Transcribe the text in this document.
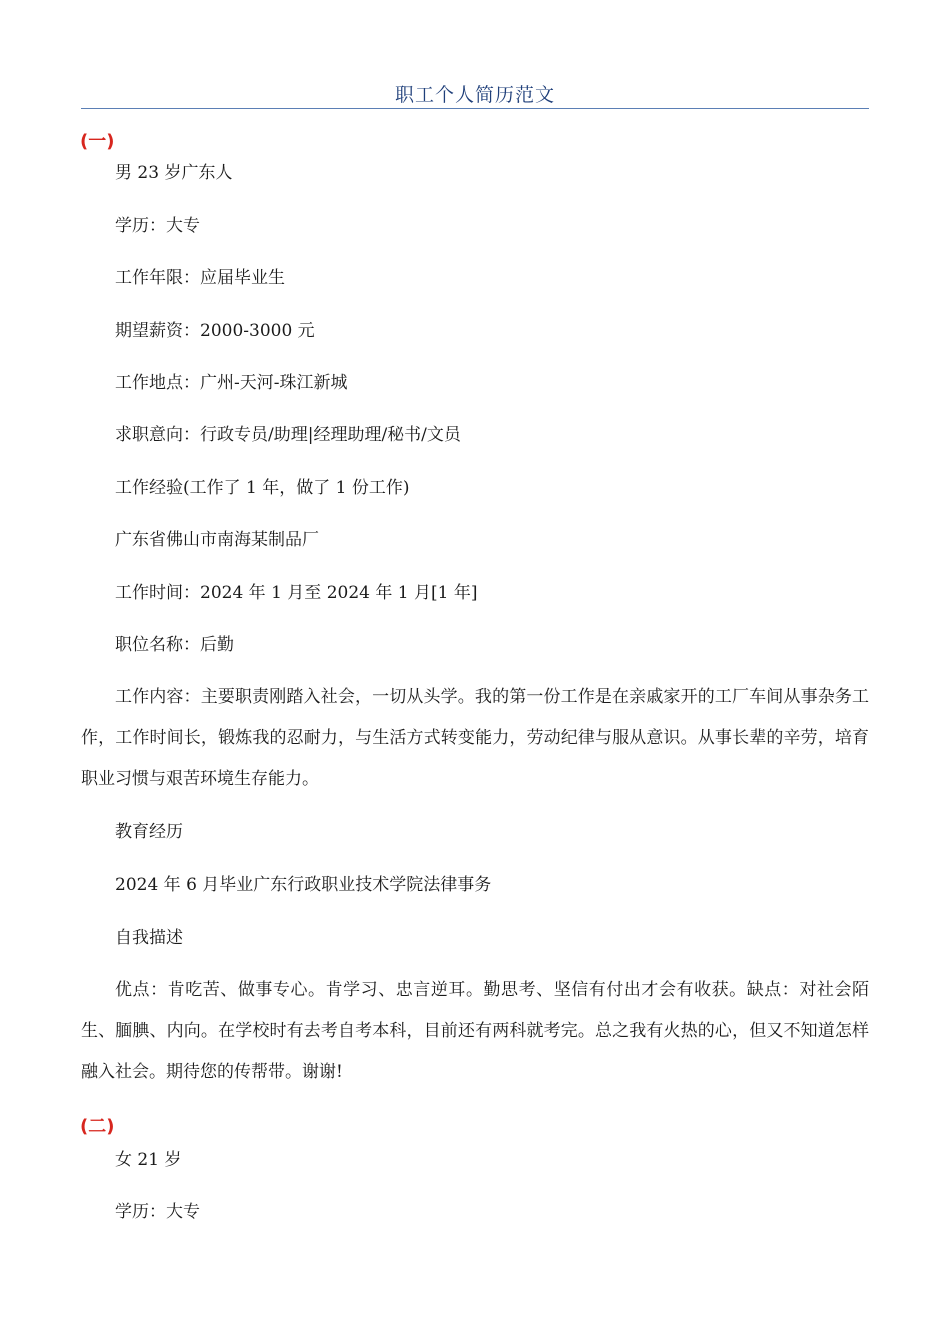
职工个人简历范文
(一)
男 23 岁广东人
学历：大专
工作年限：应届毕业生
期望薪资：2000-3000 元
工作地点：广州-天河-珠江新城
求职意向：行政专员/助理|经理助理/秘书/文员
工作经验(工作了 1 年，做了 1 份工作)
广东省佛山市南海某制品厂
工作时间：2024 年 1 月至 2024 年 1 月[1 年]
职位名称：后勤
工作内容：主要职责刚踏入社会，一切从头学。我的第一份工作是在亲戚家开的工厂车间从事杂务工作，工作时间长，锻炼我的忍耐力，与生活方式转变能力，劳动纪律与服从意识。从事长辈的辛劳，培育职业习惯与艰苦环境生存能力。
教育经历
2024 年 6 月毕业广东行政职业技术学院法律事务
自我描述
优点：肯吃苦、做事专心。肯学习、忠言逆耳。勤思考、坚信有付出才会有收获。缺点：对社会陌生、腼腆、内向。在学校时有去考自考本科，目前还有两科就考完。总之我有火热的心，但又不知道怎样融入社会。期待您的传帮带。谢谢!
(二)
女 21 岁
学历：大专
